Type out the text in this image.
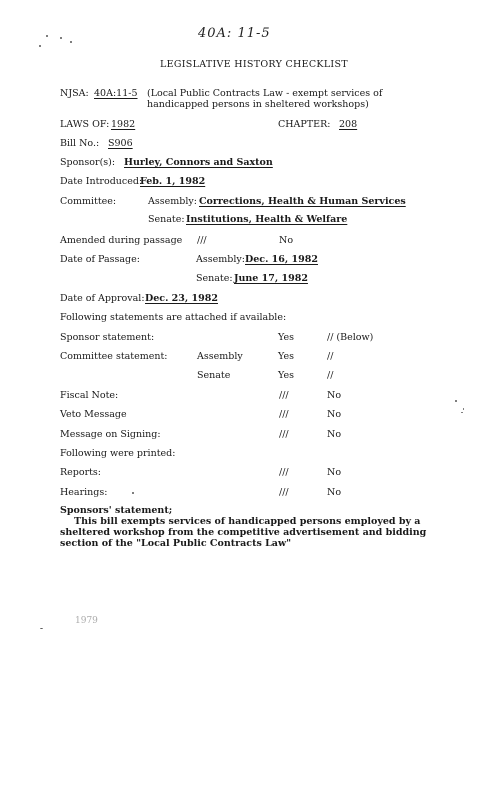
40A: 11-5
LEGISLATIVE HISTORY CHECKLIST
NJSA: 40A:11-5 (Local Public Contracts Law - exempt services of handicapped persons in sheltered workshops)
LAWS OF: 1982	CHAPTER: 208
Bill No.: S906
Sponsor(s): Hurley, Connors and Saxton
Date Introduced:
Feb. 1, 1982
Committee:	Assembly: Corrections, Health & Human Services
Senate: Institutions, Health & Welfare
Amended during passage ///	No
Date of Passage:	Assembly: Dec. 16, 1982
Senate: June 17, 1982
Date of Approval: Dec. 23, 1982
Following statements are attached if available:
Sponsor statement:	Yes	// (Below)
Committee statement:	Assembly	Yes	//
Senate	Yes	//
Fiscal Note:	///	No
Veto Message	///	No
Message on Signing:	///	No
Following were printed:
Reports:	///	No
Hearings:	///	No
Sponsors' statement;
This bill exempts services of handicapped persons employed by a sheltered workshop from the competitive advertisement and bidding section of the "Local Public Contracts Law"
1979
